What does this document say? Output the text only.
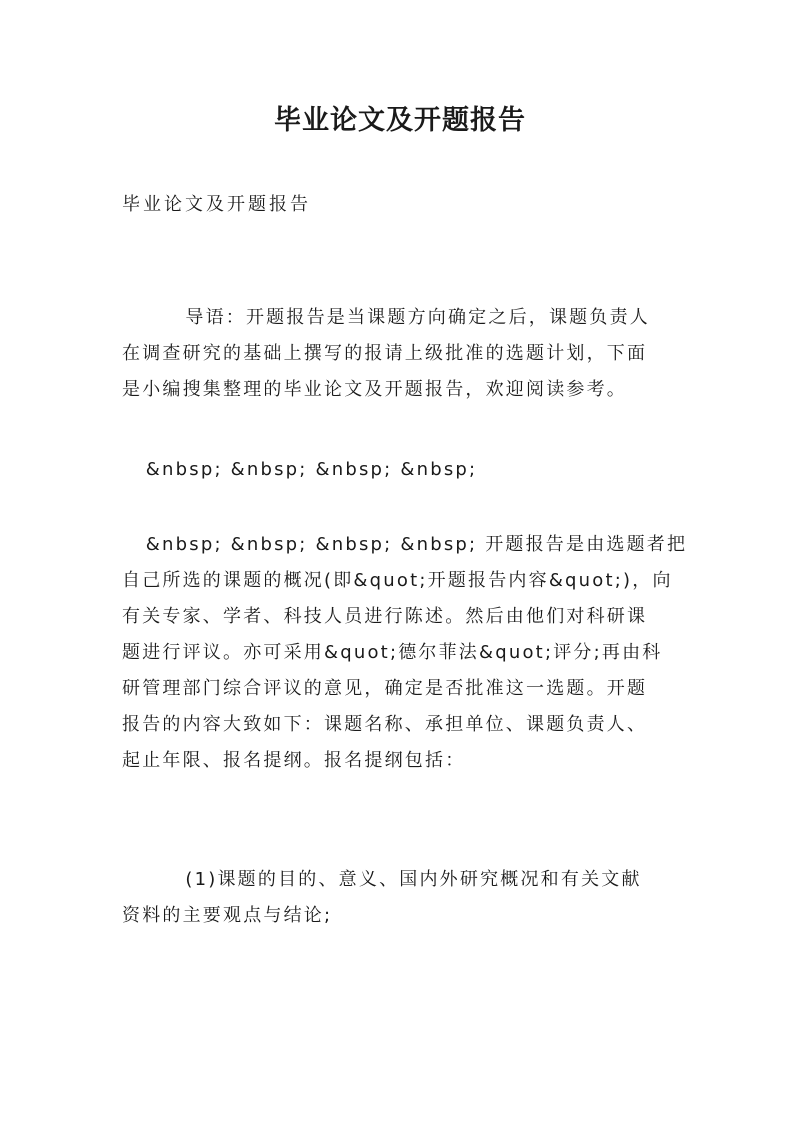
毕业论文及开题报告

毕业论文及开题报告

导语：开题报告是当课题方向确定之后，课题负责人
在调查研究的基础上撰写的报请上级批准的选题计划，下面
是小编搜集整理的毕业论文及开题报告，欢迎阅读参考。

&nbsp; &nbsp; &nbsp; &nbsp;

&nbsp; &nbsp; &nbsp; &nbsp; 开题报告是由选题者把
自己所选的课题的概况(即&quot;开题报告内容&quot;)，向
有关专家、学者、科技人员进行陈述。然后由他们对科研课
题进行评议。亦可采用&quot;德尔菲法&quot;评分;再由科
研管理部门综合评议的意见，确定是否批准这一选题。开题
报告的内容大致如下：课题名称、承担单位、课题负责人、
起止年限、报名提纲。报名提纲包括：

(1)课题的目的、意义、国内外研究概况和有关文献
资料的主要观点与结论;
